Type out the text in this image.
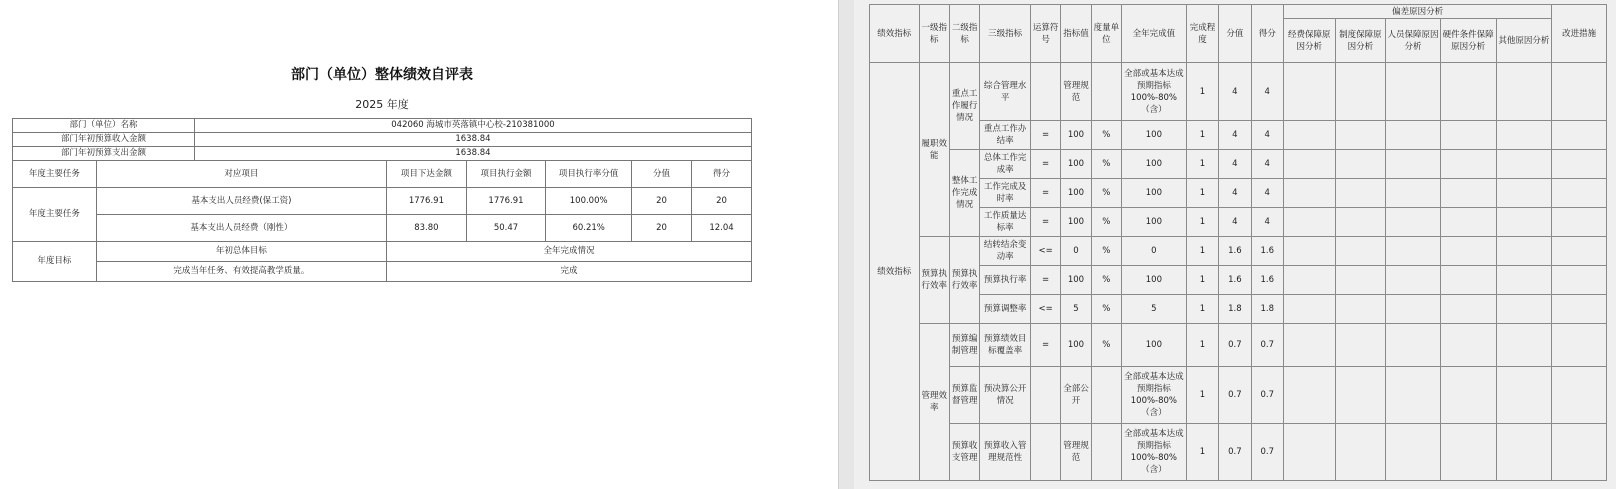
部门（单位）整体绩效自评表
2025 年度
部门（单位）名称		042060 海城市英落镇中心校-210381000					
部门年初预算收入金额		1638.84					
部门年初预算支出金额		1638.84					
年度主要任务	对应项目		项目下达金额	项目执行金额	项目执行率分值	分值	得分
年度主要任务	基本支出人员经费(保工资)		1776.91	1776.91	100.00%	20	20
	基本支出人员经费（刚性）		83.80	50.47	60.21%	20	12.04
年度目标	年初总体目标		全年完成情况				
	完成当年任务、有效提高教学质量。		完成				
绩效指标	一级指标	二级指标	三级指标	运算符号	指标值	度量单位	全年完成值	完成程度	分值	得分	偏差原因分析					改进措施
											经费保障原因分析	制度保障原因分析	人员保障原因分析	硬件条件保障原因分析	其他原因分析	
绩效指标	履职效能	重点工作履行情况	综合管理水平		管理规范		全部或基本达成预期指标 100%-80%（含）	1	4	4						
			重点工作办结率	=	100	%	100	1	4	4						
		整体工作完成情况	总体工作完成率	=	100	%	100	1	4	4						
			工作完成及时率	=	100	%	100	1	4	4						
			工作质量达标率	=	100	%	100	1	4	4						
	预算执行效率	预算执行效率	结转结余变动率	<=	0	%	0	1	1.6	1.6						
			预算执行率	=	100	%	100	1	1.6	1.6						
			预算调整率	<=	5	%	5	1	1.8	1.8						
	管理效率	预算编制管理	预算绩效目标覆盖率	=	100	%	100	1	0.7	0.7						
		预算监督管理	预决算公开情况		全部公开		全部或基本达成预期指标 100%-80%（含）	1	0.7	0.7						
		预算收支管理	预算收入管理规范性		管理规范		全部或基本达成预期指标 100%-80%（含）	1	0.7	0.7						
